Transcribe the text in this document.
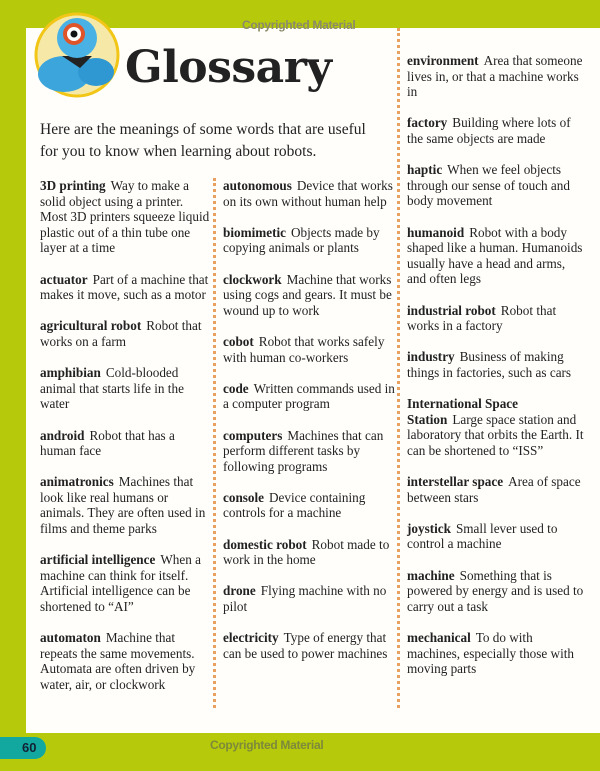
Copyrighted Material
Glossary

Here are the meanings of some words that are useful for you to know when learning about robots.

3D printing Way to make a solid object using a printer. Most 3D printers squeeze liquid plastic out of a thin tube one layer at a time

actuator Part of a machine that makes it move, such as a motor

agricultural robot Robot that works on a farm

amphibian Cold-blooded animal that starts life in the water

android Robot that has a human face

animatronics Machines that look like real humans or animals. They are often used in films and theme parks

artificial intelligence When a machine can think for itself. Artificial intelligence can be shortened to “AI”

automaton Machine that repeats the same movements. Automata are often driven by water, air, or clockwork

autonomous Device that works on its own without human help

biomimetic Objects made by copying animals or plants

clockwork Machine that works using cogs and gears. It must be wound up to work

cobot Robot that works safely with human co-workers

code Written commands used in a computer program

computers Machines that can perform different tasks by following programs

console Device containing controls for a machine

domestic robot Robot made to work in the home

drone Flying machine with no pilot

electricity Type of energy that can be used to power machines

environment Area that someone lives in, or that a machine works in

factory Building where lots of the same objects are made

haptic When we feel objects through our sense of touch and body movement

humanoid Robot with a body shaped like a human. Humanoids usually have a head and arms, and often legs

industrial robot Robot that works in a factory

industry Business of making things in factories, such as cars

International Space Station Large space station and laboratory that orbits the Earth. It can be shortened to “ISS”

interstellar space Area of space between stars

joystick Small lever used to control a machine

machine Something that is powered by energy and is used to carry out a task

mechanical To do with machines, especially those with moving parts

60	Copyrighted Material
